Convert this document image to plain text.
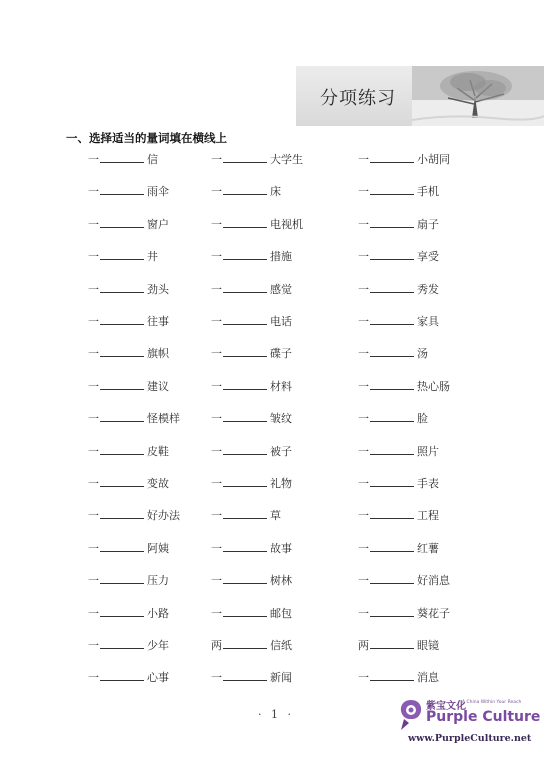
分项练习
一、选择适当的量词填在横线上
一	信	一	大学生	一	小胡同
一	雨伞	一	床	一	手机
一	窗户	一	电视机	一	扇子
一	井	一	措施	一	享受
一	劲头	一	感觉	一	秀发
一	往事	一	电话	一	家具
一	旗帜	一	碟子	一	汤
一	建议	一	材料	一	热心肠
一	怪模样	一	皱纹	一	脸
一	皮鞋	一	被子	一	照片
一	变故	一	礼物	一	手表
一	好办法	一	草	一	工程
一	阿姨	一	故事	一	红薯
一	压力	一	树林	一	好消息
一	小路	一	邮包	一	葵花子
一	少年	两	信纸	两	眼镜
一	心事	一	新闻	一	消息
· 1 ·
紫宝文化
A China Within Your Reach
Purple Culture
www.PurpleCulture.net
